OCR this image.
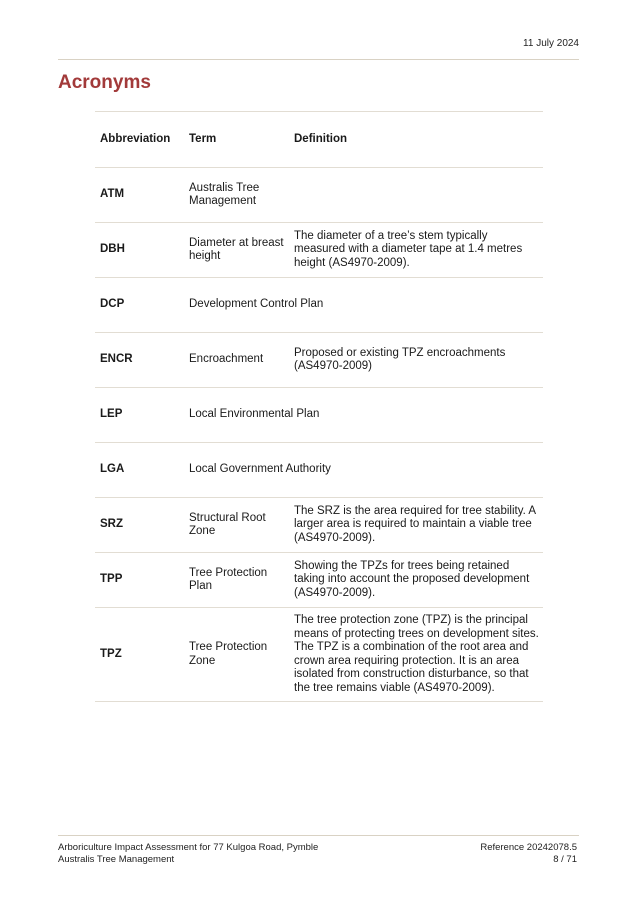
11 July 2024
Acronyms
Abbreviation	Term	Definition
ATM	Australis Tree Management	
DBH	Diameter at breast height	The diameter of a tree’s stem typically measured with a diameter tape at 1.4 metres height (AS4970-2009).
DCP	Development Control Plan	
ENCR	Encroachment	Proposed or existing TPZ encroachments (AS4970-2009)
LEP	Local Environmental Plan	
LGA	Local Government Authority	
SRZ	Structural Root Zone	The SRZ is the area required for tree stability. A larger area is required to maintain a viable tree (AS4970-2009).
TPP	Tree Protection Plan	Showing the TPZs for trees being retained taking into account the proposed development (AS4970-2009).
TPZ	Tree Protection Zone	The tree protection zone (TPZ) is the principal means of protecting trees on development sites. The TPZ is a combination of the root area and crown area requiring protection. It is an area isolated from construction disturbance, so that the tree remains viable (AS4970-2009).
Arboriculture Impact Assessment for 77 Kulgoa Road, Pymble
Australis Tree Management
Reference 20242078.5
8 / 71
